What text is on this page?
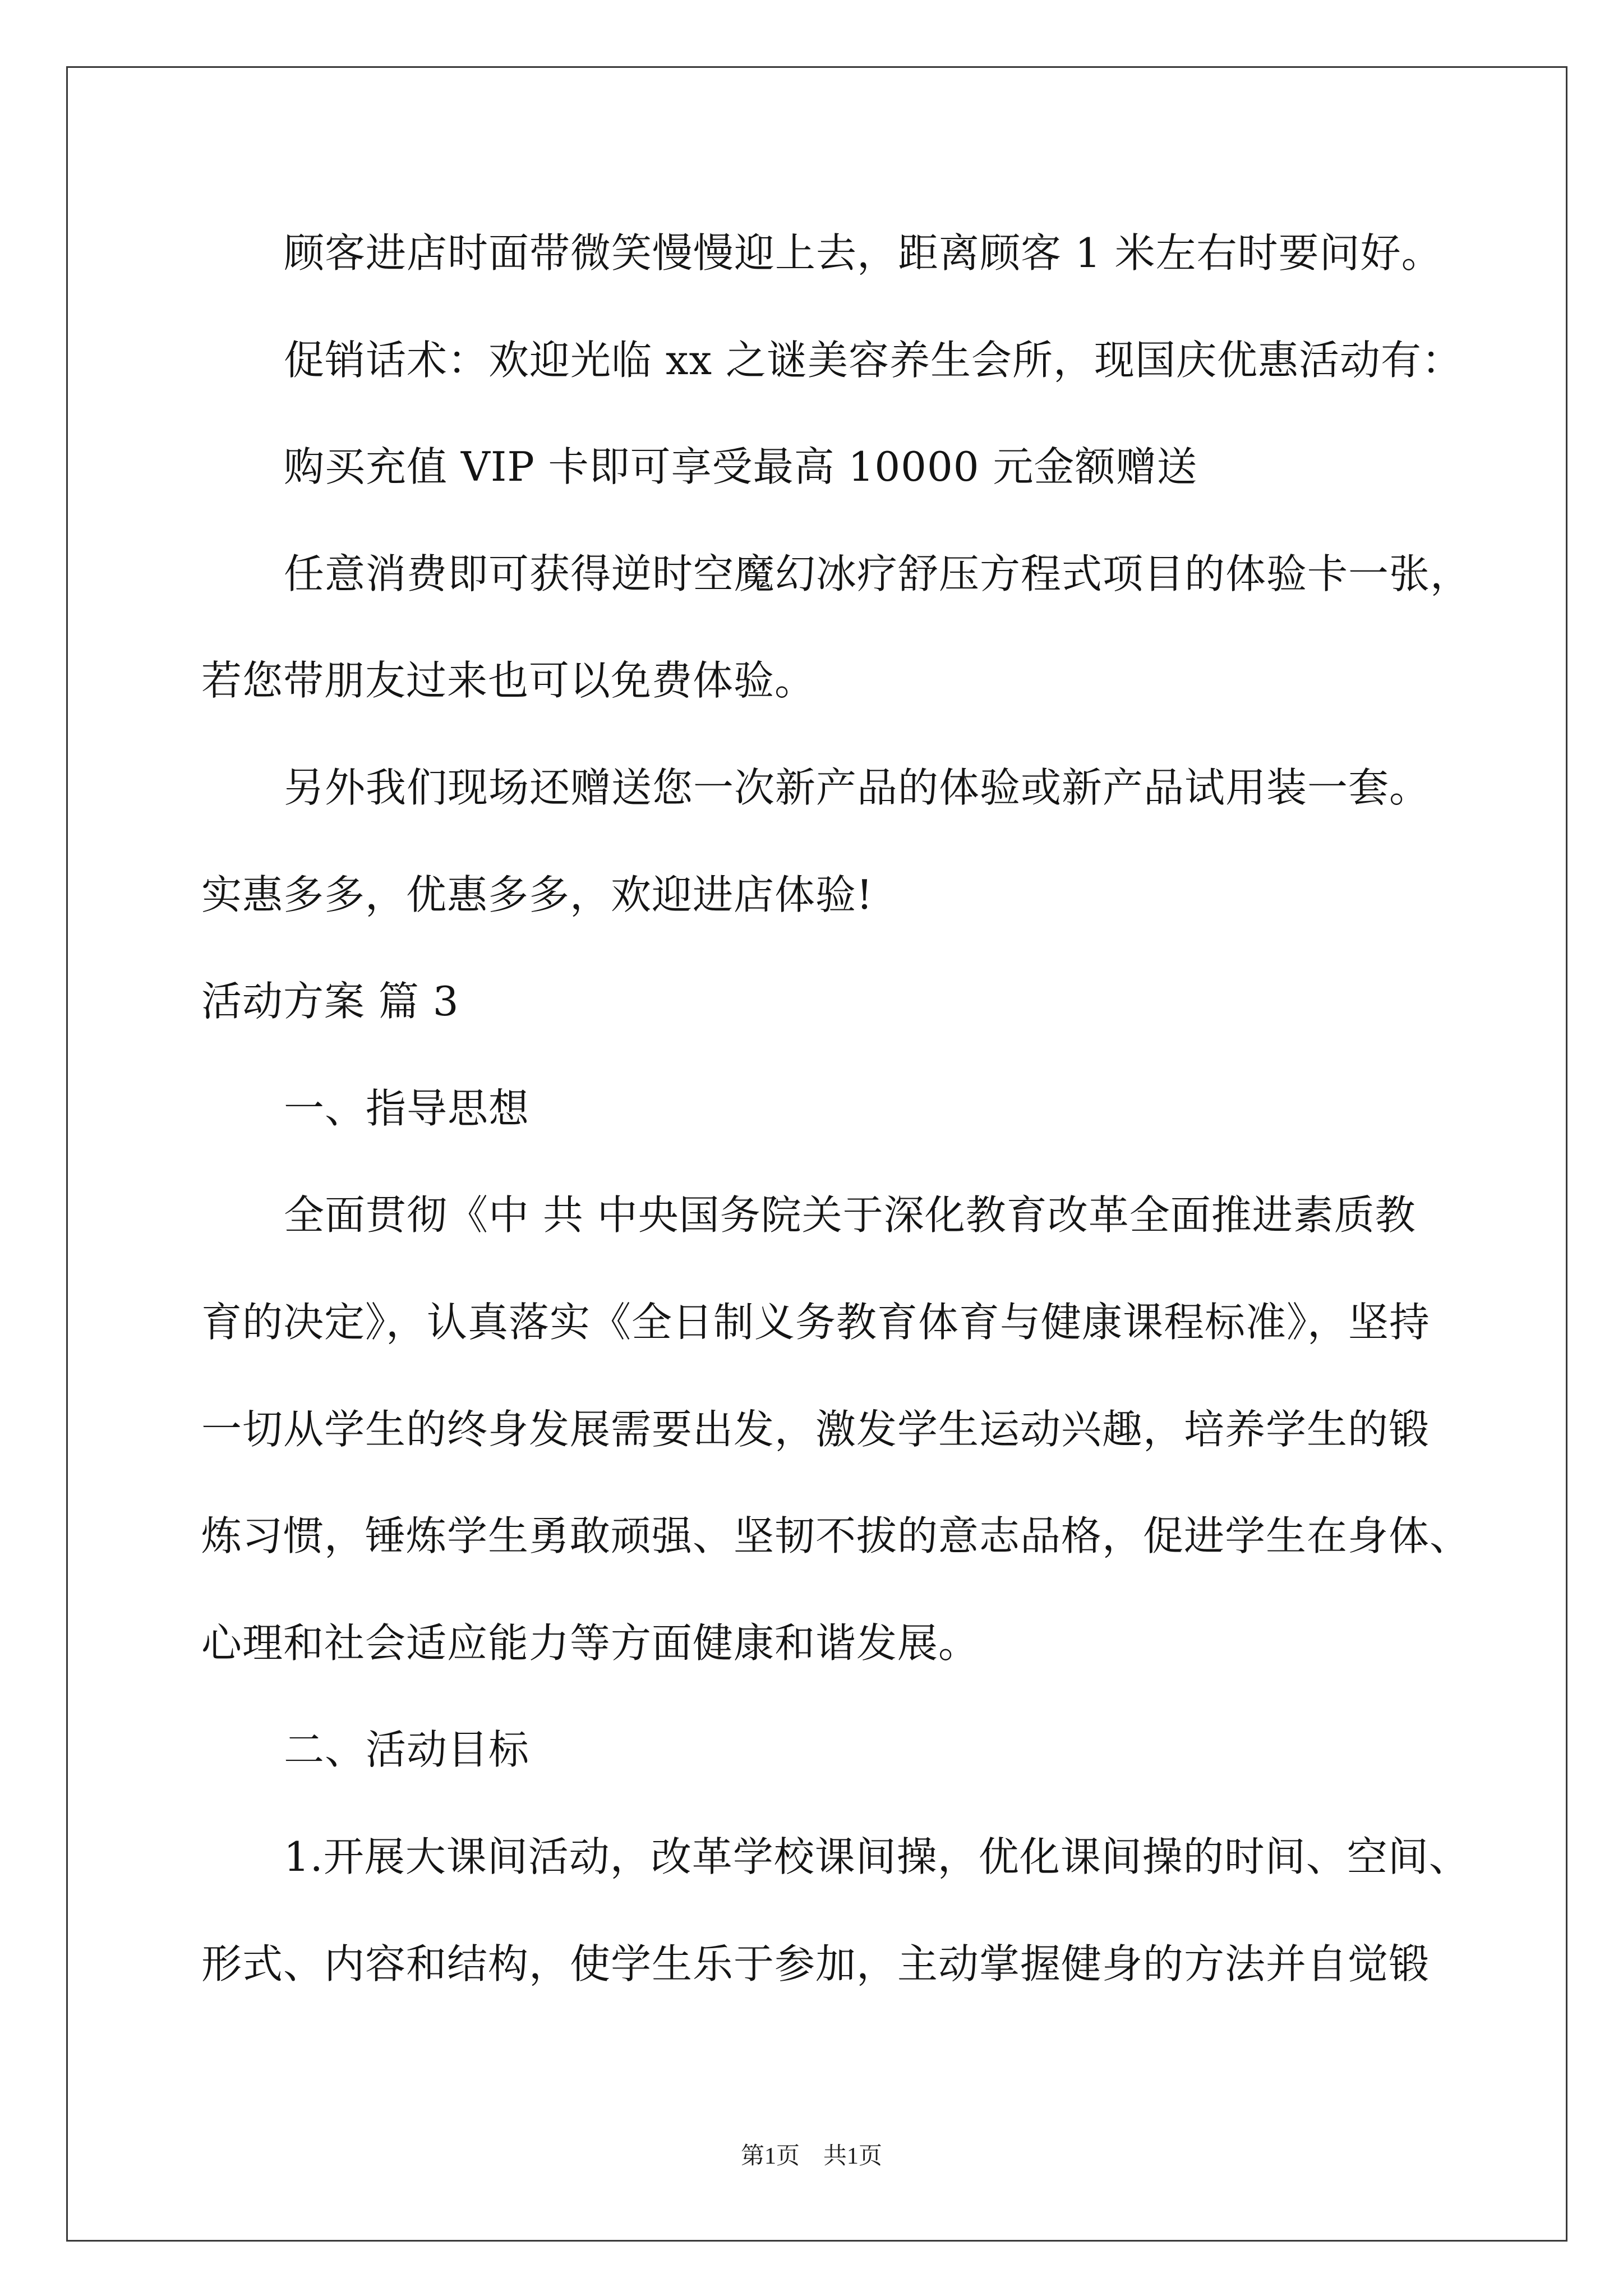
顾客进店时面带微笑慢慢迎上去，距离顾客 1 米左右时要问好。
促销话术：欢迎光临 xx 之谜美容养生会所，现国庆优惠活动有：
购买充值 VIP 卡即可享受最高 10000 元金额赠送
任意消费即可获得逆时空魔幻冰疗舒压方程式项目的体验卡一张，
若您带朋友过来也可以免费体验。
另外我们现场还赠送您一次新产品的体验或新产品试用装一套。
实惠多多，优惠多多，欢迎进店体验!
活动方案 篇 3
一、指导思想
全面贯彻《中 共 中央国务院关于深化教育改革全面推进素质教
育的决定》，认真落实《全日制义务教育体育与健康课程标准》，坚持
一切从学生的终身发展需要出发，激发学生运动兴趣，培养学生的锻
炼习惯，锤炼学生勇敢顽强、坚韧不拔的意志品格，促进学生在身体、
心理和社会适应能力等方面健康和谐发展。
二、活动目标
1.开展大课间活动，改革学校课间操，优化课间操的时间、空间、
形式、内容和结构，使学生乐于参加，主动掌握健身的方法并自觉锻
第1页　共1页
